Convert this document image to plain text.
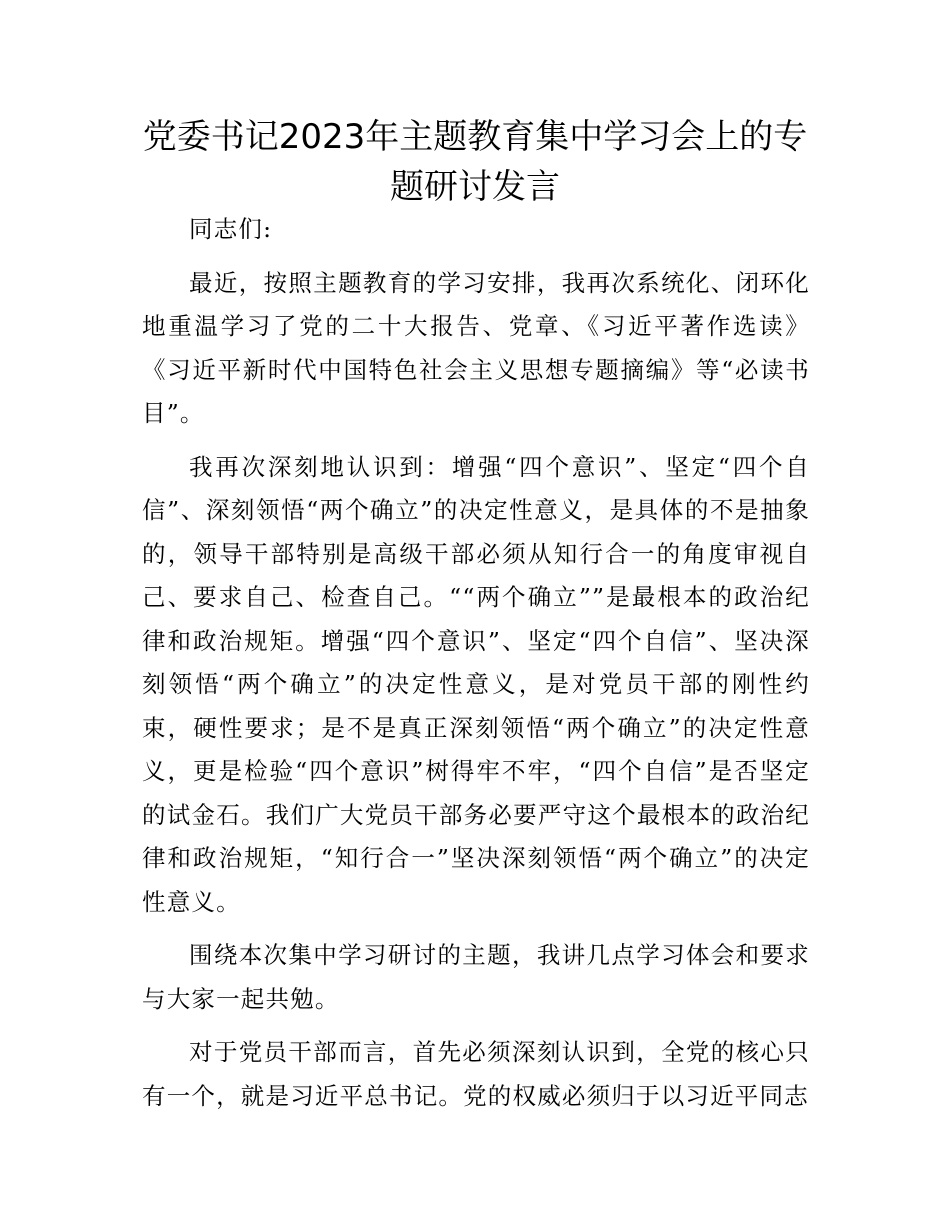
党委书记2023年主题教育集中学习会上的专题研讨发言

同志们:

最近，按照主题教育的学习安排，我再次系统化、闭环化地重温学习了党的二十大报告、党章、《习近平著作选读》《习近平新时代中国特色社会主义思想专题摘编》等“必读书目”。

我再次深刻地认识到：增强“四个意识”、坚定“四个自信”、深刻领悟“两个确立”的决定性意义，是具体的不是抽象的，领导干部特别是高级干部必须从知行合一的角度审视自己、要求自己、检查自己。““两个确立””是最根本的政治纪律和政治规矩。增强“四个意识”、坚定“四个自信”、坚决深刻领悟“两个确立”的决定性意义，是对党员干部的刚性约束，硬性要求；是不是真正深刻领悟“两个确立”的决定性意义，更是检验“四个意识”树得牢不牢，“四个自信”是否坚定的试金石。我们广大党员干部务必要严守这个最根本的政治纪律和政治规矩，“知行合一”坚决深刻领悟“两个确立”的决定性意义。

围绕本次集中学习研讨的主题，我讲几点学习体会和要求与大家一起共勉。

对于党员干部而言，首先必须深刻认识到，全党的核心只有一个，就是习近平总书记。党的权威必须归于以习近平同志
